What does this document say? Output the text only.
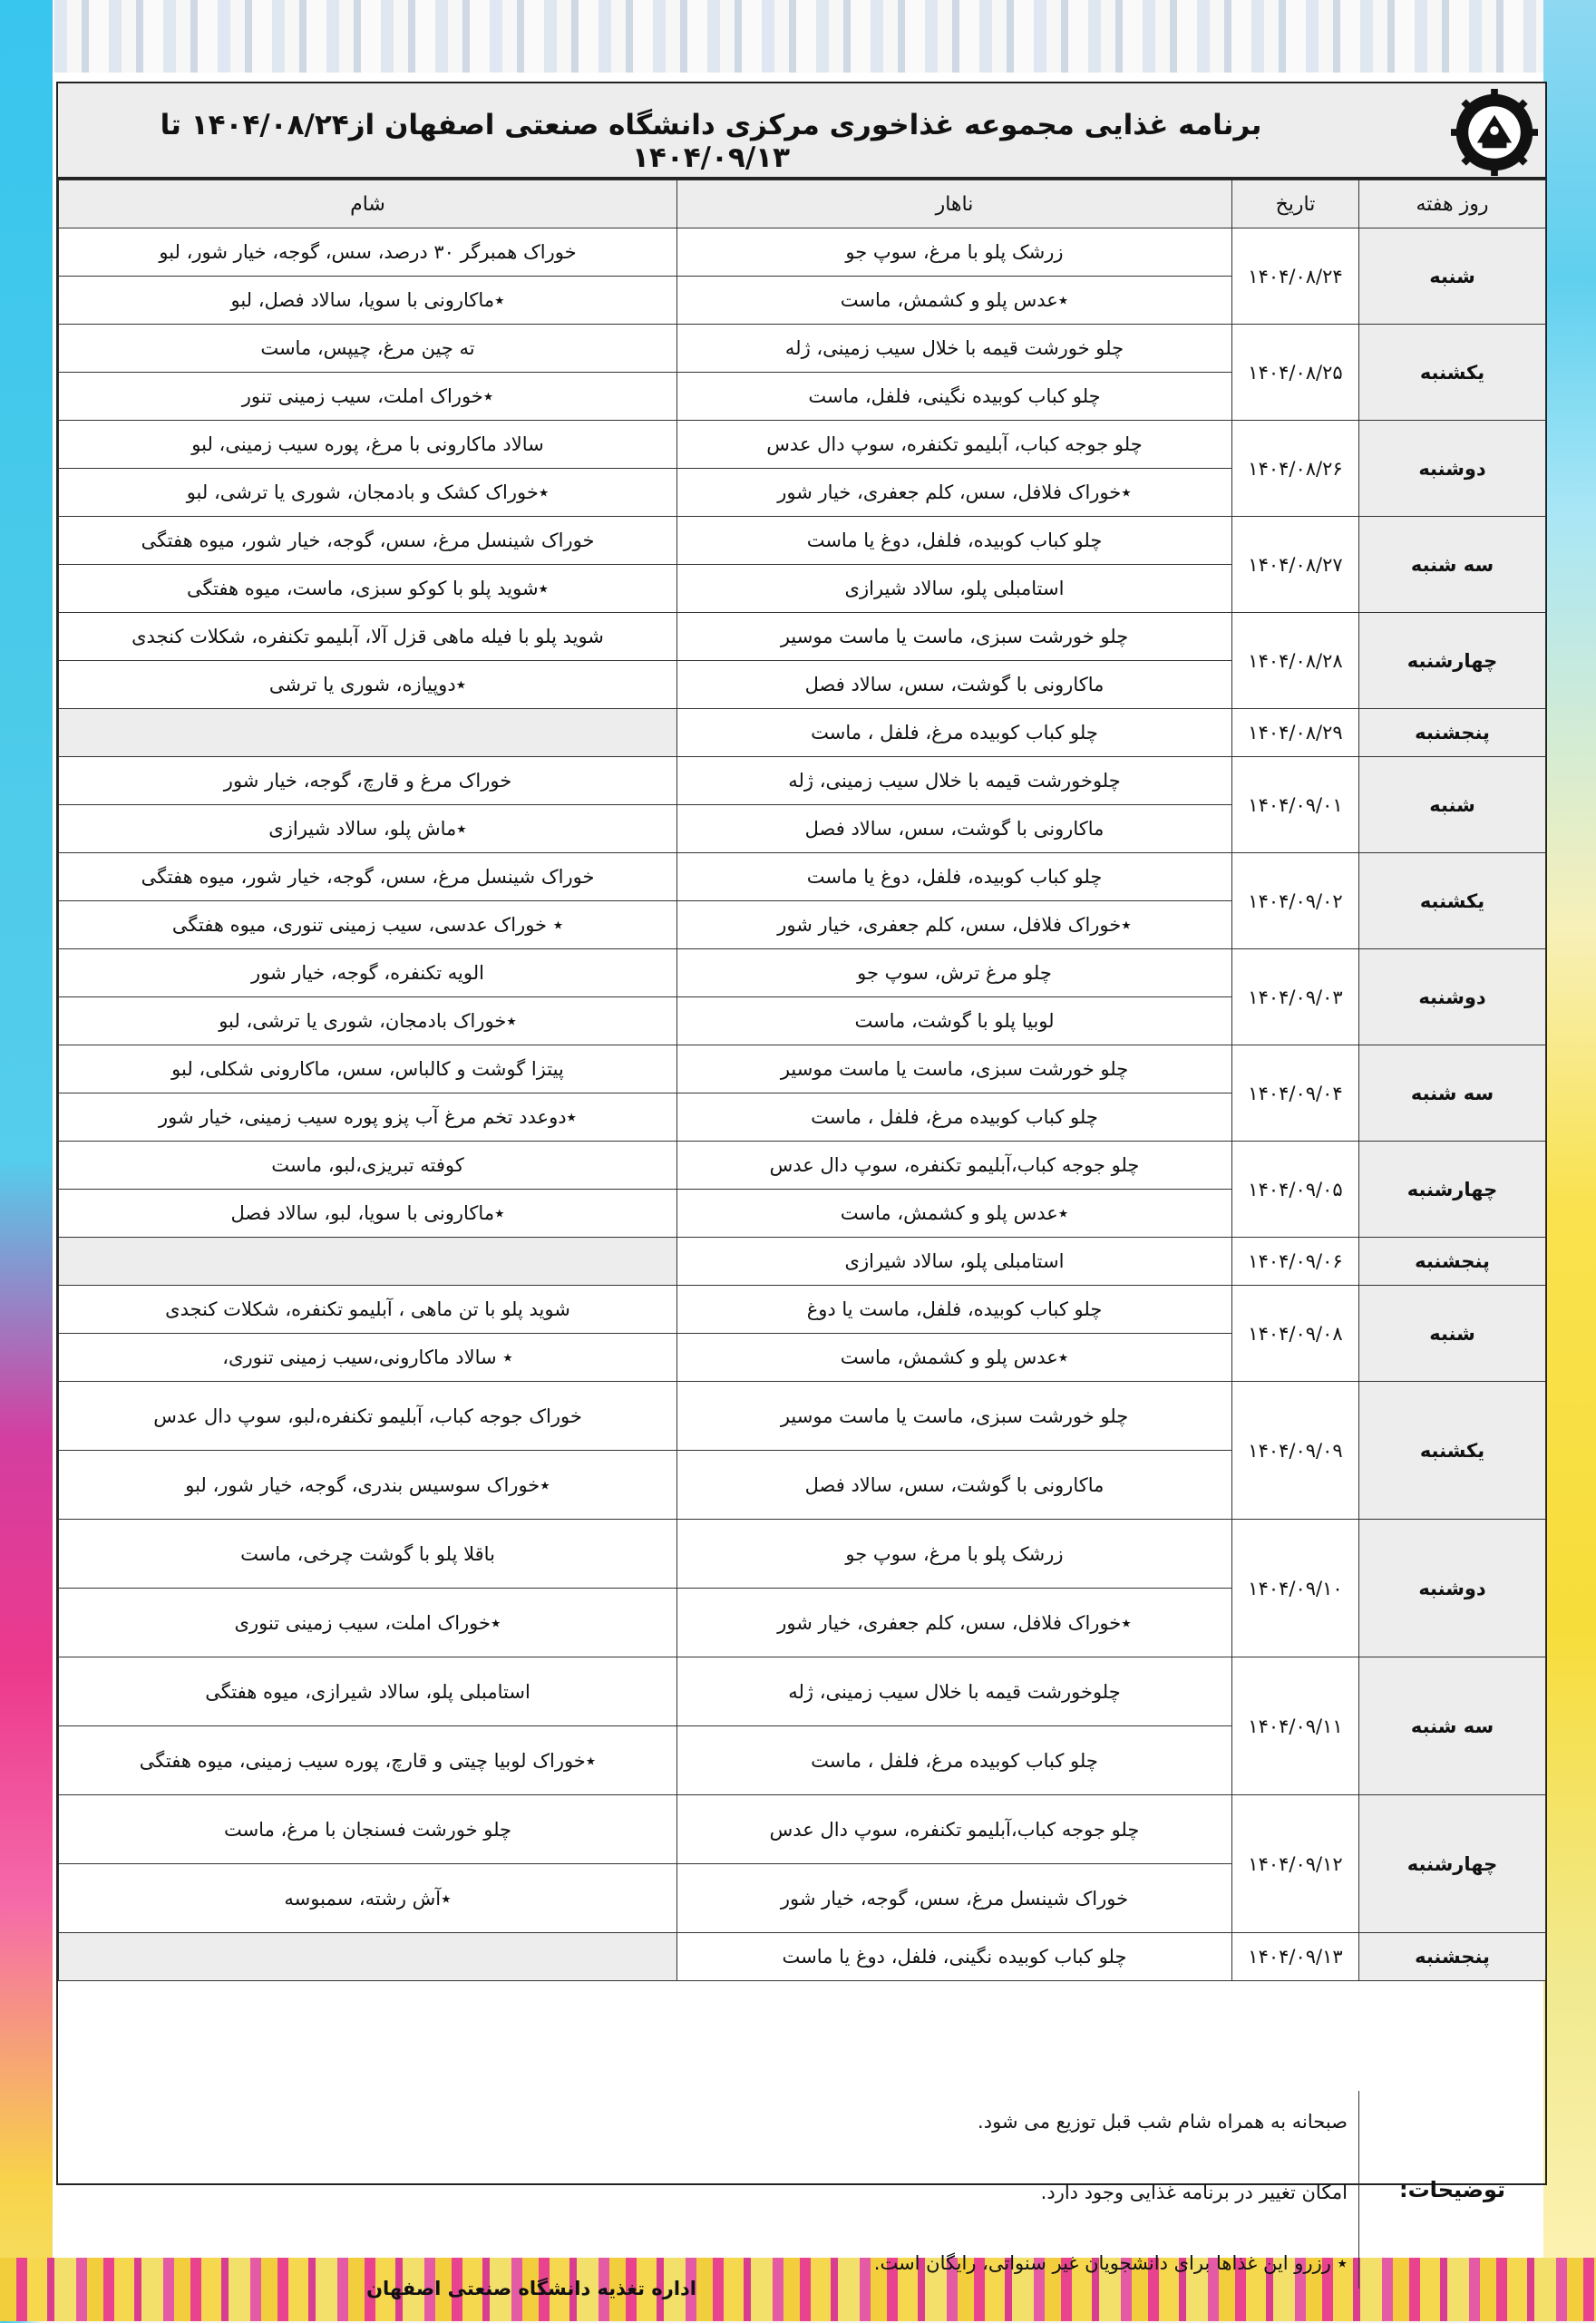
برنامه غذایی مجموعه غذاخوری مرکزی دانشگاه صنعتی اصفهان از۱۴۰۴/۰۸/۲۴ تا ۱۴۰۴/۰۹/۱۳
روز هفته	تاریخ	ناهار	شام
شنبه	۱۴۰۴/۰۸/۲۴	زرشک پلو با مرغ، سوپ جو	خوراک همبرگر ۳۰ درصد، سس، گوجه، خیار شور، لبو
		٭عدس پلو و کشمش، ماست	٭ماکارونی با سویا، سالاد فصل، لبو
یکشنبه	۱۴۰۴/۰۸/۲۵	چلو خورشت قیمه با خلال سیب زمینی، ژله	ته چین مرغ، چیپس، ماست
		چلو کباب کوبیده نگینی، فلفل، ماست	٭خوراک املت، سیب زمینی تنور
دوشنبه	۱۴۰۴/۰۸/۲۶	چلو جوجه کباب، آبلیمو تکنفره، سوپ دال عدس	سالاد ماکارونی با مرغ، پوره سیب زمینی، لبو
		٭خوراک فلافل، سس، کلم جعفری، خیار شور	٭خوراک کشک و بادمجان، شوری یا ترشی، لبو
سه شنبه	۱۴۰۴/۰۸/۲۷	چلو کباب کوبیده، فلفل، دوغ یا ماست	خوراک شینسل مرغ، سس، گوجه، خیار شور، میوه هفتگی
		استامبلی پلو، سالاد شیرازی	٭شوید پلو با کوکو سبزی، ماست، میوه هفتگی
چهارشنبه	۱۴۰۴/۰۸/۲۸	چلو خورشت سبزی، ماست یا ماست موسیر	شوید پلو با فیله ماهی قزل آلا، آبلیمو تکنفره، شکلات کنجدی
		ماکارونی با گوشت، سس، سالاد فصل	٭دوپیازه، شوری یا ترشی
پنجشنبه	۱۴۰۴/۰۸/۲۹	چلو کباب کوبیده مرغ، فلفل ، ماست	
شنبه	۱۴۰۴/۰۹/۰۱	چلوخورشت قیمه با خلال سیب زمینی، ژله	خوراک مرغ و قارچ، گوجه، خیار شور
		ماکارونی با گوشت، سس، سالاد فصل	٭ماش پلو، سالاد شیرازی
یکشنبه	۱۴۰۴/۰۹/۰۲	چلو کباب کوبیده، فلفل، دوغ یا ماست	خوراک شینسل مرغ، سس، گوجه، خیار شور، میوه هفتگی
		٭خوراک فلافل، سس، کلم جعفری، خیار شور	٭ خوراک عدسی، سیب زمینی تنوری، میوه هفتگی
دوشنبه	۱۴۰۴/۰۹/۰۳	چلو مرغ ترش، سوپ جو	الویه تکنفره، گوجه، خیار شور
		لوبیا پلو با گوشت، ماست	٭خوراک بادمجان، شوری یا ترشی، لبو
سه شنبه	۱۴۰۴/۰۹/۰۴	چلو خورشت سبزی، ماست یا ماست موسیر	پیتزا گوشت و کالباس، سس، ماکارونی شکلی، لبو
		چلو کباب کوبیده مرغ، فلفل ، ماست	٭دوعدد تخم مرغ آب پزو پوره سیب زمینی، خیار شور
چهارشنبه	۱۴۰۴/۰۹/۰۵	چلو جوجه کباب،آبلیمو تکنفره، سوپ دال عدس	کوفته تبریزی،لبو، ماست
		٭عدس پلو و کشمش، ماست	٭ماکارونی با سویا، لبو، سالاد فصل
پنجشنبه	۱۴۰۴/۰۹/۰۶	استامبلی پلو، سالاد شیرازی	
شنبه	۱۴۰۴/۰۹/۰۸	چلو کباب کوبیده، فلفل، ماست یا دوغ	شوید پلو با تن ماهی ، آبلیمو تکنفره، شکلات کنجدی
		٭عدس پلو و کشمش، ماست	٭ سالاد ماکارونی،سیب زمینی تنوری،
یکشنبه	۱۴۰۴/۰۹/۰۹	چلو خورشت سبزی، ماست یا ماست موسیر	خوراک جوجه کباب، آبلیمو تکنفره،لبو، سوپ دال عدس
		ماکارونی با گوشت، سس، سالاد فصل	٭خوراک سوسیس بندری، گوجه، خیار شور، لبو
دوشنبه	۱۴۰۴/۰۹/۱۰	زرشک پلو با مرغ، سوپ جو	باقلا پلو با گوشت چرخی، ماست
		٭خوراک فلافل، سس، کلم جعفری، خیار شور	٭خوراک املت، سیب زمینی تنوری
سه شنبه	۱۴۰۴/۰۹/۱۱	چلوخورشت قیمه با خلال سیب زمینی، ژله	استامبلی پلو، سالاد شیرازی، میوه هفتگی
		چلو کباب کوبیده مرغ، فلفل ، ماست	٭خوراک لوبیا چیتی و قارچ، پوره سیب زمینی، میوه هفتگی
چهارشنبه	۱۴۰۴/۰۹/۱۲	چلو جوجه کباب،آبلیمو تکنفره، سوپ دال عدس	چلو خورشت فسنجان با مرغ، ماست
		خوراک شینسل مرغ، سس، گوجه، خیار شور	٭آش رشته، سمبوسه
پنجشنبه	۱۴۰۴/۰۹/۱۳	چلو کباب کوبیده نگینی، فلفل، دوغ یا ماست	
توضیحات:
صبحانه به همراه شام شب قبل توزیع می شود.
امکان تغییر در برنامه غذایی وجود دارد.
٭ رزرو این غذاها برای دانشجویان غیر سنواتی، رایگان است.
اداره تغذیه دانشگاه صنعتی اصفهان
